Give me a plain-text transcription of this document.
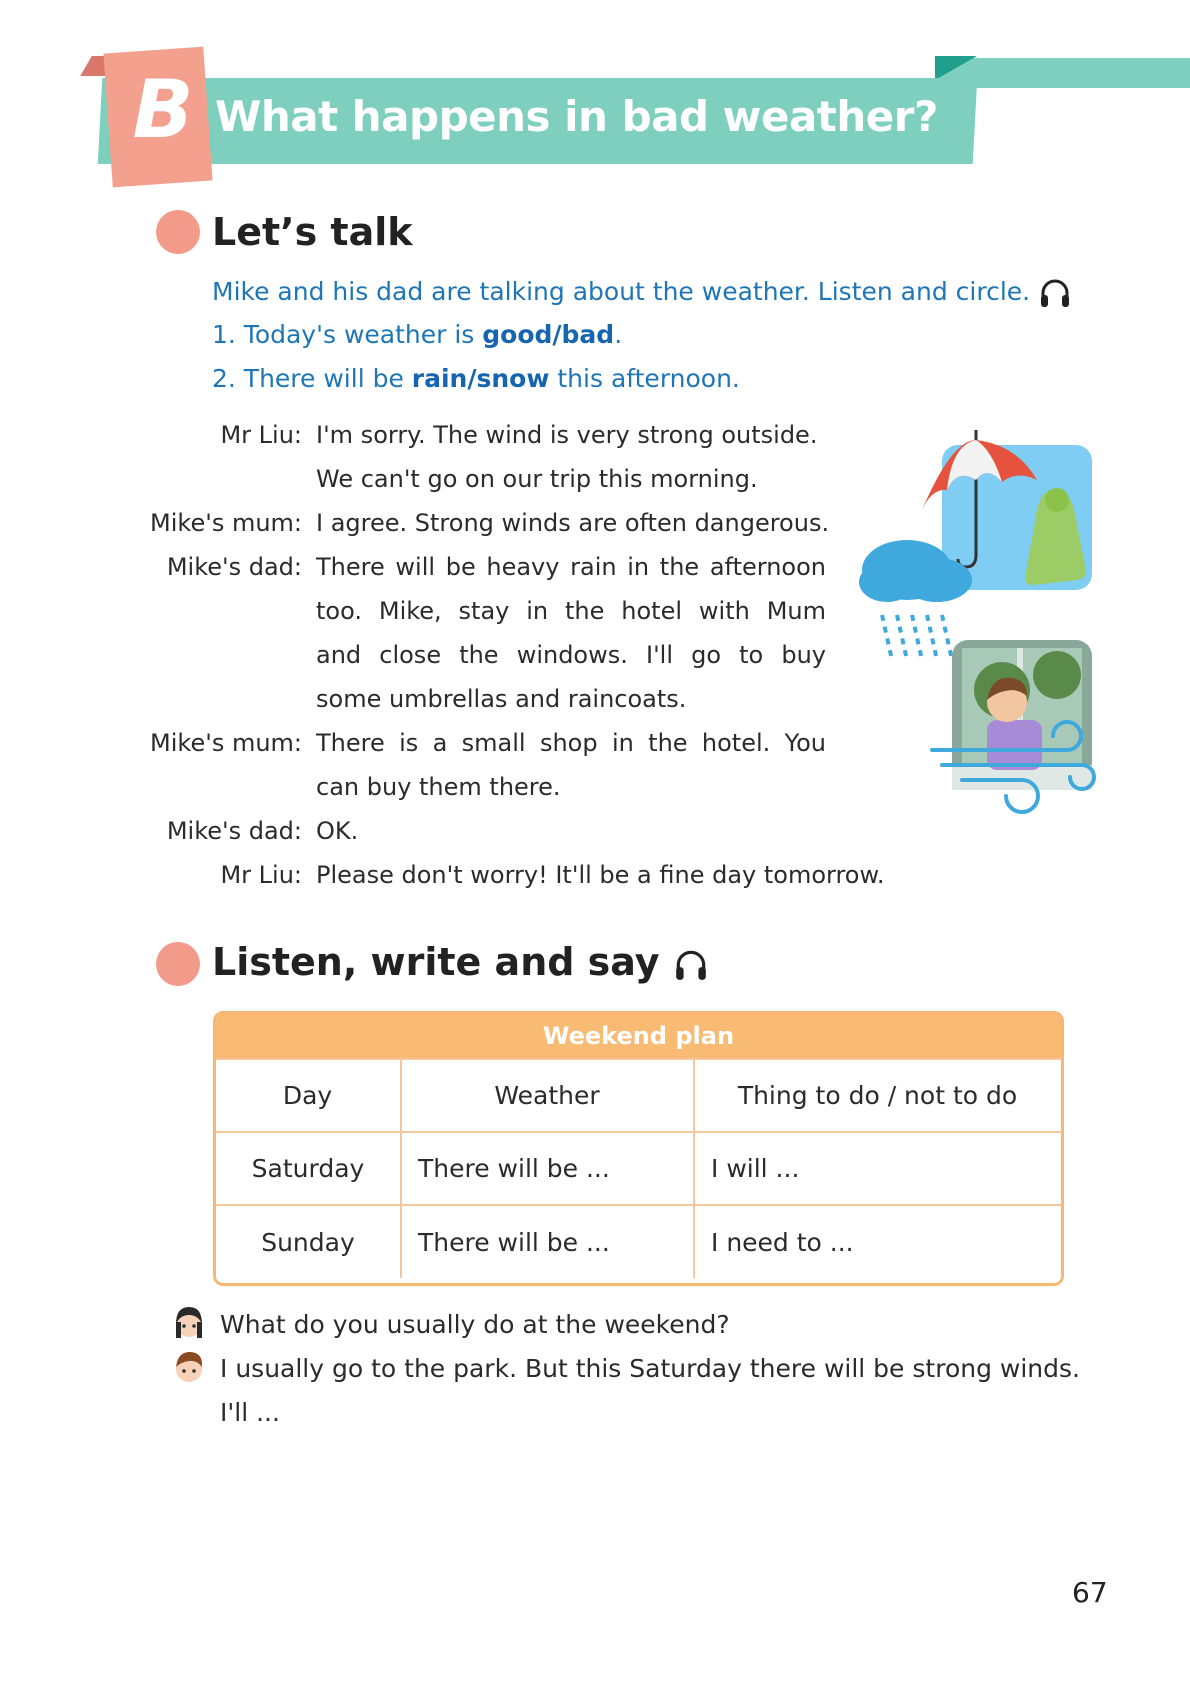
B What happens in bad weather?
Let’s talk
Mike and his dad are talking about the weather. Listen and circle.
1. Today's weather is good/bad.
2. There will be rain/snow this afternoon.
Mr Liu: I'm sorry. The wind is very strong outside.
We can't go on our trip this morning.
Mike's mum: I agree. Strong winds are often dangerous.
Mike's dad: There will be heavy rain in the afternoon
too. Mike, stay in the hotel with Mum
and close the windows. I'll go to buy
some umbrellas and raincoats.
Mike's mum: There is a small shop in the hotel. You
can buy them there.
Mike's dad: OK.
Mr Liu: Please don't worry! It'll be a fine day tomorrow.
Listen, write and say
Weekend plan
Day	Weather	Thing to do / not to do
Saturday	There will be ...	I will ...
Sunday	There will be ...	I need to ...
What do you usually do at the weekend?
I usually go to the park. But this Saturday there will be strong winds.
I'll ...
67
